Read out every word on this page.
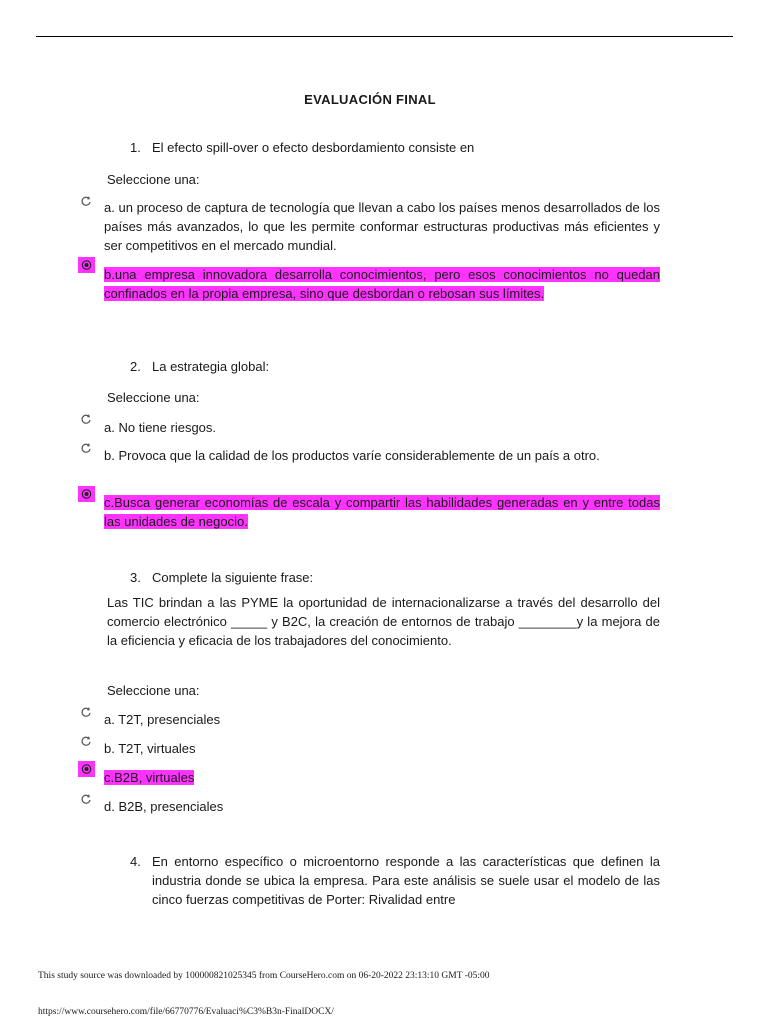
EVALUACIÓN FINAL
1. El efecto spill-over o efecto desbordamiento consiste en
Seleccione una:
a. un proceso de captura de tecnología que llevan a cabo los países menos desarrollados de los países más avanzados, lo que les permite conformar estructuras productivas más eficientes y ser competitivos en el mercado mundial.
b.una empresa innovadora desarrolla conocimientos, pero esos conocimientos no quedan confinados en la propia empresa, sino que desbordan o rebosan sus límites.
2. La estrategia global:
Seleccione una:
a. No tiene riesgos.
b. Provoca que la calidad de los productos varíe considerablemente de un país a otro.
c.Busca generar economías de escala y compartir las habilidades generadas en y entre todas las unidades de negocio.
3. Complete la siguiente frase:
Las TIC brindan a las PYME la oportunidad de internacionalizarse a través del desarrollo del comercio electrónico _____ y B2C, la creación de entornos de trabajo ________y la mejora de la eficiencia y eficacia de los trabajadores del conocimiento.
Seleccione una:
a. T2T, presenciales
b. T2T, virtuales
c.B2B, virtuales
d. B2B, presenciales
4. En entorno específico o microentorno responde a las características que definen la industria donde se ubica la empresa. Para este análisis se suele usar el modelo de las cinco fuerzas competitivas de Porter: Rivalidad entre
This study source was downloaded by 100000821025345 from CourseHero.com on 06-20-2022 23:13:10 GMT -05:00
https://www.coursehero.com/file/66770776/Evaluaci%C3%B3n-FinalDOCX/
